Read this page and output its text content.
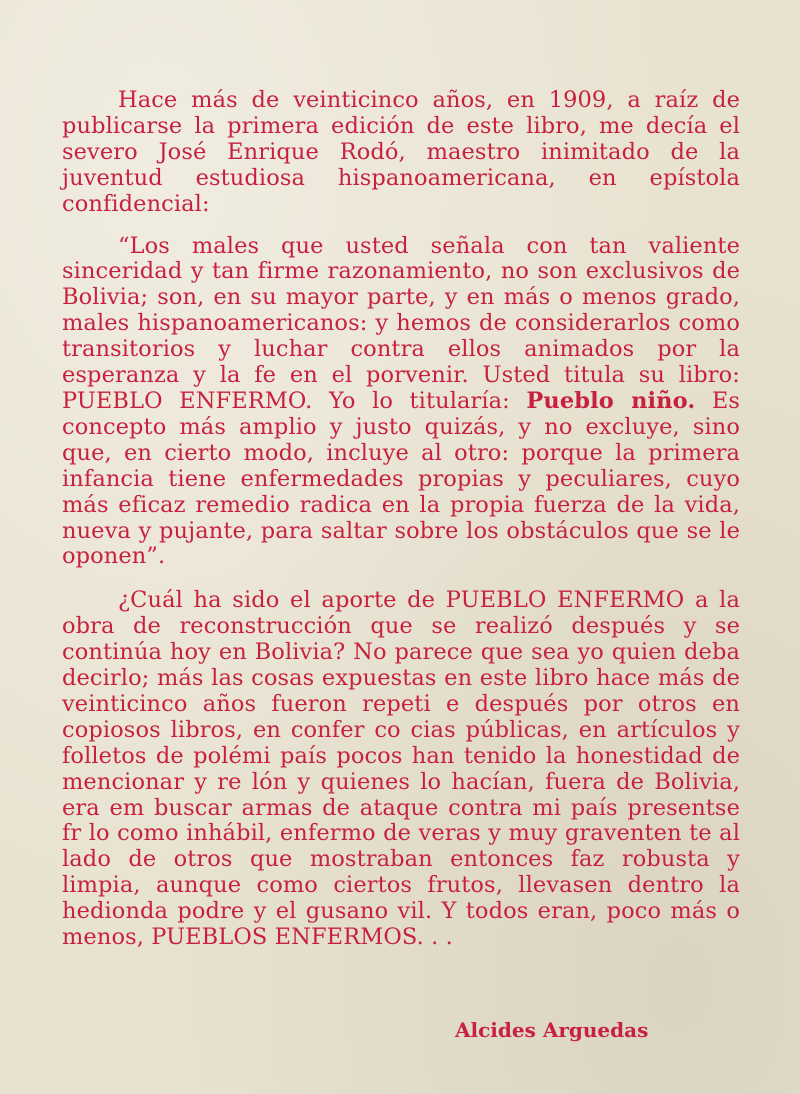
Hace más de veinticinco años, en 1909, a raíz de publicarse la primera edición de este libro, me decía el severo José Enrique Rodó, maestro inimitado de la juventud estudiosa hispanoamericana, en epístola confidencial:

“Los males que usted señala con tan valiente sinceridad y tan firme razonamiento, no son exclusivos de Bolivia; son, en su mayor parte, y en más o menos grado, males hispanoamericanos: y hemos de considerarlos como transitorios y luchar contra ellos animados por la esperanza y la fe en el porvenir. Usted titula su libro: PUEBLO ENFERMO. Yo lo titularía: Pueblo niño. Es concepto más amplio y justo quizás, y no excluye, sino que, en cierto modo, incluye al otro: porque la primera infancia tiene enfermedades propias y peculiares, cuyo más eficaz remedio radica en la propia fuerza de la vida, nueva y pujante, para saltar sobre los obstáculos que se le oponen”.

¿Cuál ha sido el aporte de PUEBLO ENFERMO a la obra de reconstrucción que se realizó después y se continúa hoy en Bolivia? No parece que sea yo quien deba decirlo; más las cosas expuestas en este libro hace más de veinticinco años fueron repeti e después por otros en copiosos libros, en confer co cias públicas, en artículos y folletos de polémi país pocos han tenido la honestidad de mencionar y re lón y quienes lo hacían, fuera de Bolivia, era em buscar armas de ataque contra mi país presentse fr lo como inhábil, enfermo de veras y muy graventen te al lado de otros que mostraban entonces faz robusta y limpia, aunque como ciertos frutos, llevasen dentro la hedionda podre y el gusano vil. Y todos eran, poco más o menos, PUEBLOS ENFERMOS. . .

Alcides Arguedas
